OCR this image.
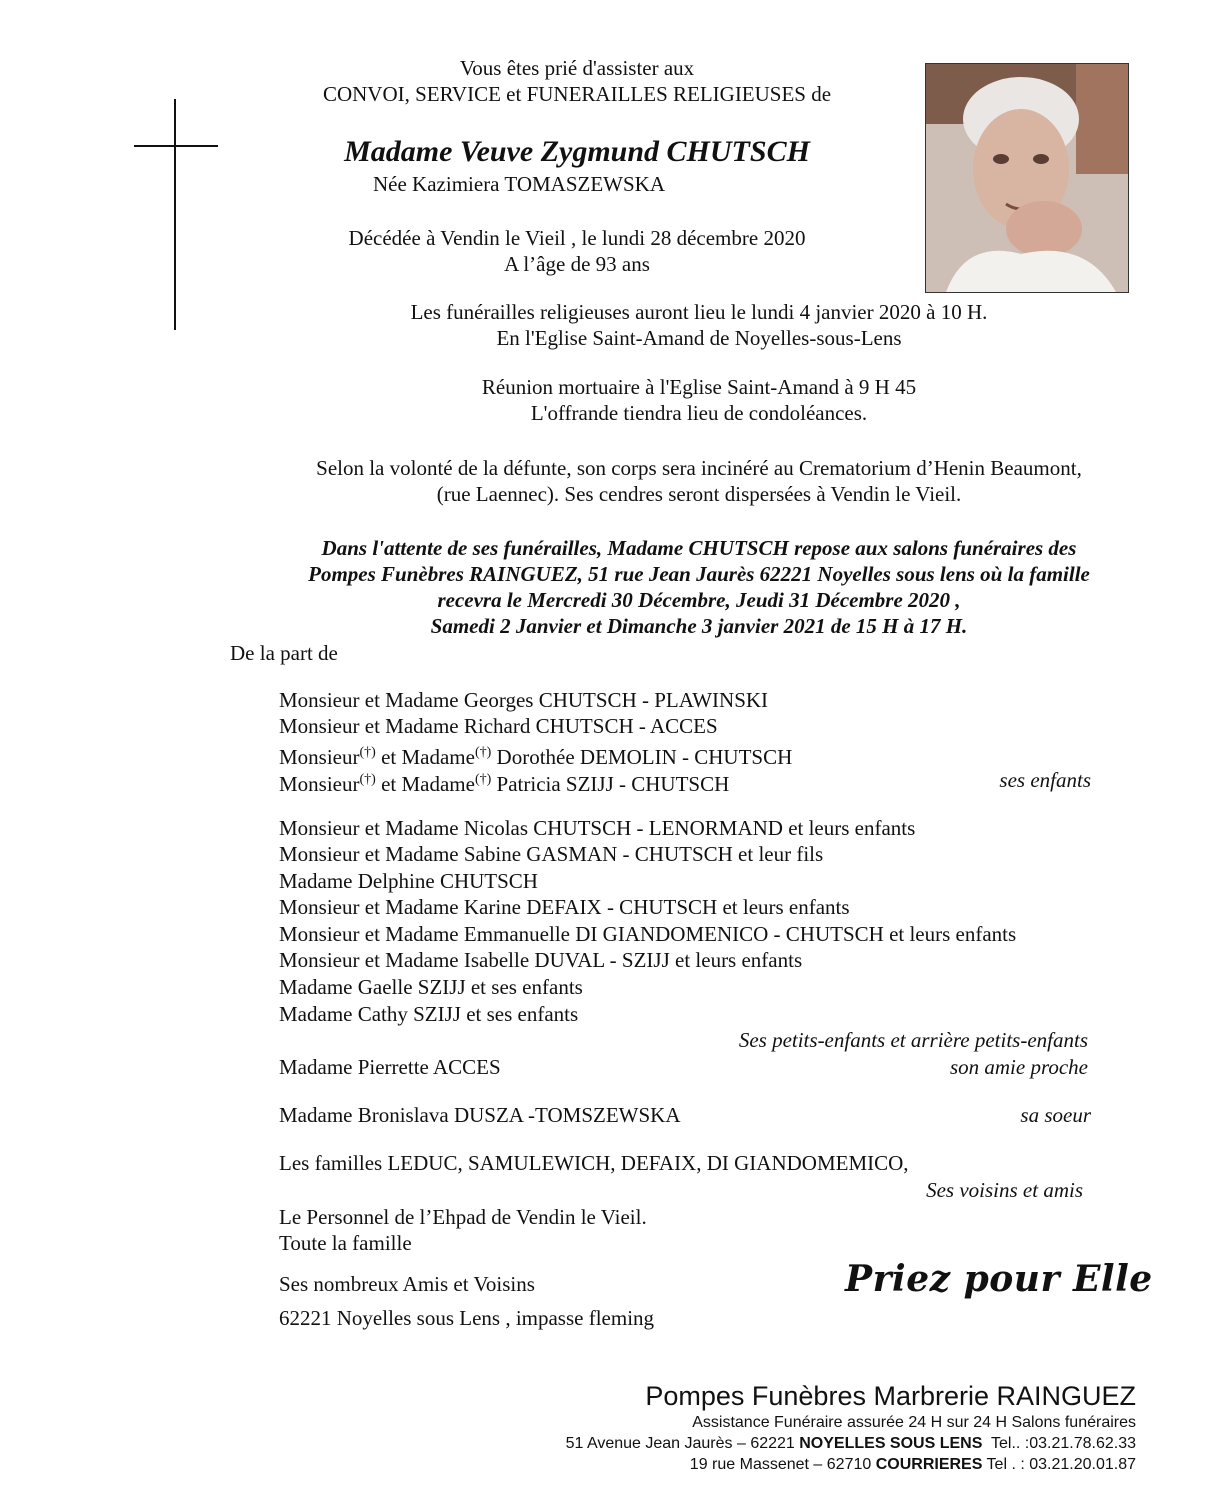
Vous êtes prié d'assister aux
CONVOI, SERVICE et FUNERAILLES RELIGIEUSES de
Madame Veuve Zygmund CHUTSCH
Née Kazimiera TOMASZEWSKA
Décédée à Vendin le Vieil , le lundi 28 décembre 2020
A l’âge de 93 ans
Les funérailles religieuses auront lieu le lundi 4 janvier 2020 à 10 H.
En l'Eglise Saint-Amand de Noyelles-sous-Lens
Réunion mortuaire à l'Eglise Saint-Amand à 9 H 45
L'offrande tiendra lieu de condoléances.
Selon la volonté de la défunte, son corps sera incinéré au Crematorium d’Henin Beaumont,
(rue Laennec). Ses cendres seront dispersées à Vendin le Vieil.
Dans l'attente de ses funérailles, Madame CHUTSCH repose aux salons funéraires des
Pompes Funèbres RAINGUEZ, 51 rue Jean Jaurès 62221 Noyelles sous lens où la famille
recevra le Mercredi 30 Décembre, Jeudi 31 Décembre 2020 ,
Samedi 2 Janvier et Dimanche 3 janvier 2021 de 15 H à 17 H.
De la part de
Monsieur et Madame Georges CHUTSCH - PLAWINSKI
Monsieur et Madame Richard CHUTSCH - ACCES
Monsieur(†) et Madame(†) Dorothée DEMOLIN - CHUTSCH
Monsieur(†) et Madame(†) Patricia SZIJJ - CHUTSCH	ses enfants
Monsieur et Madame Nicolas CHUTSCH - LENORMAND et leurs enfants
Monsieur et Madame Sabine GASMAN - CHUTSCH et leur fils
Madame Delphine CHUTSCH
Monsieur et Madame Karine DEFAIX - CHUTSCH et leurs enfants
Monsieur et Madame Emmanuelle DI GIANDOMENICO - CHUTSCH et leurs enfants
Monsieur et Madame Isabelle DUVAL - SZIJJ et leurs enfants
Madame Gaelle SZIJJ et ses enfants
Madame Cathy SZIJJ et ses enfants
Ses petits-enfants et arrière petits-enfants
Madame Pierrette ACCES	son amie proche
Madame Bronislava DUSZA -TOMSZEWSKA	sa soeur
Les familles LEDUC, SAMULEWICH, DEFAIX, DI GIANDOMEMICO,
Ses voisins et amis
Le Personnel de l’Ehpad de Vendin le Vieil.
Toute la famille
Ses nombreux Amis et Voisins	Priez pour Elle
62221 Noyelles sous Lens , impasse fleming
Pompes Funèbres Marbrerie RAINGUEZ
Assistance Funéraire assurée 24 H sur 24 H Salons funéraires
51 Avenue Jean Jaurès – 62221 NOYELLES SOUS LENS  Tel.. :03.21.78.62.33
19 rue Massenet – 62710 COURRIERES Tel . : 03.21.20.01.87
